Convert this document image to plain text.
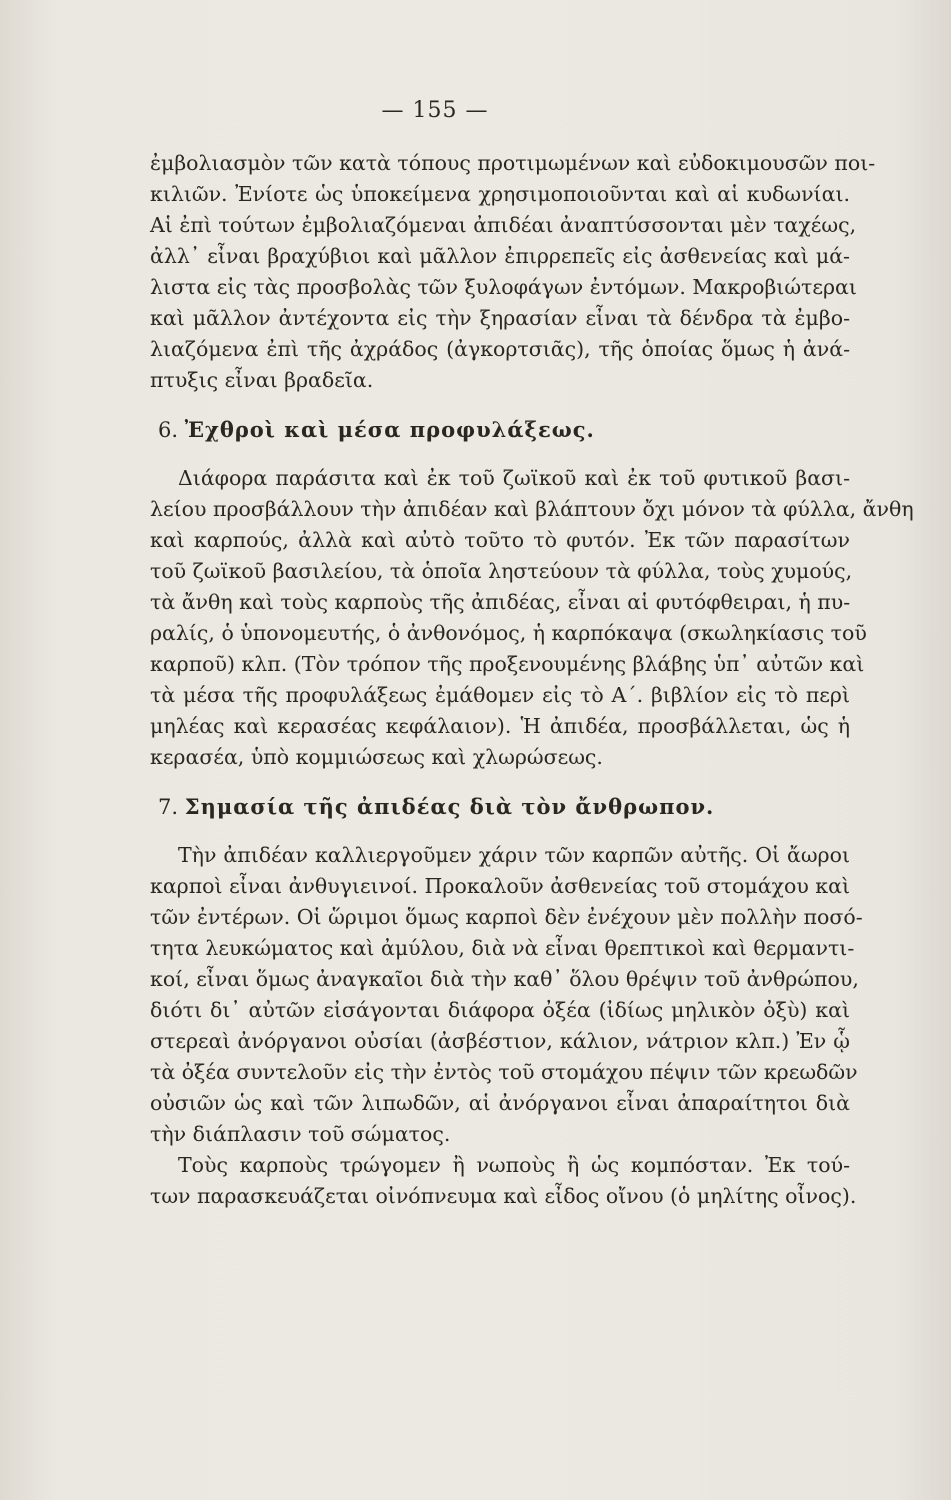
— 155 —
ἐμβολιασμὸν τῶν κατὰ τόπους προτιμωμένων καὶ εὐδοκιμουσῶν ποι-
κιλιῶν. Ἐνίοτε ὡς ὑποκείμενα χρησιμοποιοῦνται καὶ αἱ κυδωνίαι.
Αἱ ἐπὶ τούτων ἐμβολιαζόμεναι ἀπιδέαι ἀναπτύσσονται μὲν ταχέως,
ἀλλ᾽ εἶναι βραχύβιοι καὶ μᾶλλον ἐπιρρεπεῖς εἰς ἀσθενείας καὶ μά-
λιστα εἰς τὰς προσβολὰς τῶν ξυλοφάγων ἐντόμων. Μακροβιώτεραι
καὶ μᾶλλον ἀντέχοντα εἰς τὴν ξηρασίαν εἶναι τὰ δένδρα τὰ ἐμβο-
λιαζόμενα ἐπὶ τῆς ἀχράδος (ἀγκορτσιᾶς), τῆς ὁποίας ὅμως ἡ ἀνά-
πτυξις εἶναι βραδεῖα.
6. Ἐχθροὶ καὶ μέσα προφυλάξεως.
Διάφορα παράσιτα καὶ ἐκ τοῦ ζωϊκοῦ καὶ ἐκ τοῦ φυτικοῦ βασι-
λείου προσβάλλουν τὴν ἀπιδέαν καὶ βλάπτουν ὄχι μόνον τὰ φύλλα, ἄνθη
καὶ καρπούς, ἀλλὰ καὶ αὐτὸ τοῦτο τὸ φυτόν. Ἐκ τῶν παρασίτων
τοῦ ζωϊκοῦ βασιλείου, τὰ ὁποῖα ληστεύουν τὰ φύλλα, τοὺς χυμούς,
τὰ ἄνθη καὶ τοὺς καρποὺς τῆς ἀπιδέας, εἶναι αἱ φυτόφθειραι, ἡ πυ-
ραλίς, ὁ ὑπονομευτής, ὁ ἀνθονόμος, ἡ καρπόκαψα (σκωληκίασις τοῦ
καρποῦ) κλπ. (Τὸν τρόπον τῆς προξενουμένης βλάβης ὑπ᾽ αὐτῶν καὶ
τὰ μέσα τῆς προφυλάξεως ἐμάθομεν εἰς τὸ Α΄. βιβλίον εἰς τὸ περὶ
μηλέας καὶ κερασέας κεφάλαιον). Ἡ ἀπιδέα, προσβάλλεται, ὡς ἡ
κερασέα, ὑπὸ κομμιώσεως καὶ χλωρώσεως.
7. Σημασία τῆς ἀπιδέας διὰ τὸν ἄνθρωπον.
Τὴν ἀπιδέαν καλλιεργοῦμεν χάριν τῶν καρπῶν αὐτῆς. Οἱ ἄωροι
καρποὶ εἶναι ἀνθυγιεινοί. Προκαλοῦν ἀσθενείας τοῦ στομάχου καὶ
τῶν ἐντέρων. Οἱ ὥριμοι ὅμως καρποὶ δὲν ἐνέχουν μὲν πολλὴν ποσό-
τητα λευκώματος καὶ ἀμύλου, διὰ νὰ εἶναι θρεπτικοὶ καὶ θερμαντι-
κοί, εἶναι ὅμως ἀναγκαῖοι διὰ τὴν καθ᾽ ὅλου θρέψιν τοῦ ἀνθρώπου,
διότι δι᾽ αὐτῶν εἰσάγονται διάφορα ὀξέα (ἰδίως μηλικὸν ὀξὺ) καὶ
στερεαὶ ἀνόργανοι οὐσίαι (ἀσβέστιον, κάλιον, νάτριον κλπ.) Ἐν ᾧ
τὰ ὀξέα συντελοῦν εἰς τὴν ἐντὸς τοῦ στομάχου πέψιν τῶν κρεωδῶν
οὐσιῶν ὡς καὶ τῶν λιπωδῶν, αἱ ἀνόργανοι εἶναι ἀπαραίτητοι διὰ
τὴν διάπλασιν τοῦ σώματος.
Τοὺς καρποὺς τρώγομεν ἢ νωποὺς ἢ ὡς κομπόσταν. Ἐκ τού-
των παρασκευάζεται οἰνόπνευμα καὶ εἶδος οἴνου (ὁ μηλίτης οἶνος).
